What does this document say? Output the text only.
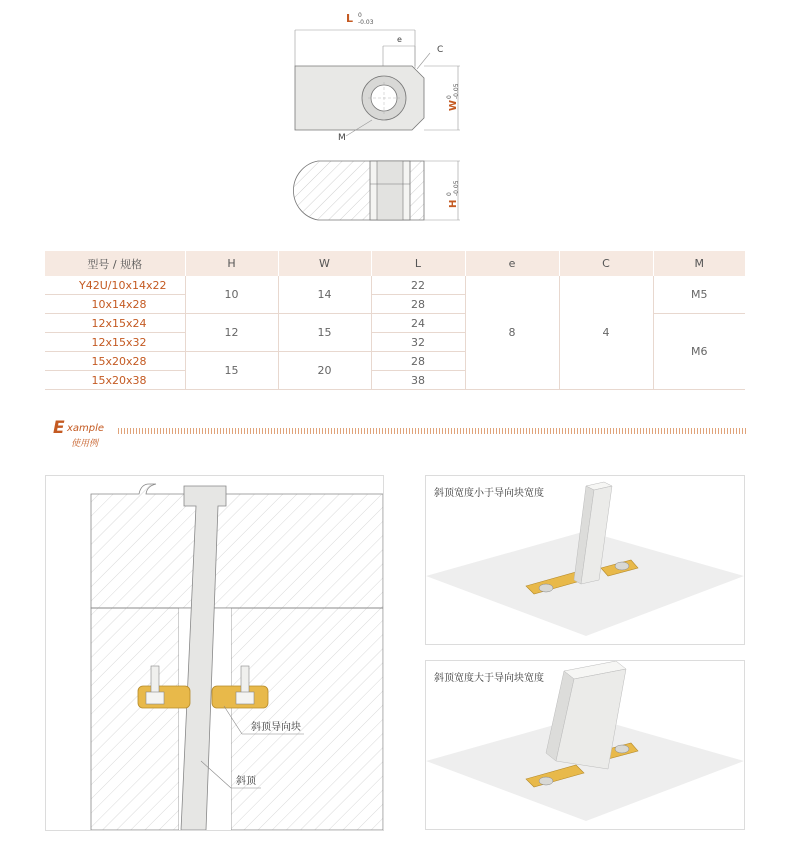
L 0
-0.03
e
C
W
0 -0.05
M
H
0 -0.05
型号 / 规格	H	W	L	e	C	M
Y42U/10x14x22	10	14	22	8	4	M5
10x14x28			28			
12x15x24	12	15	24			M6
12x15x32			32			
15x20x28	15	20	28			
15x20x38			38			
E xample
使用例
斜顶导向块
斜顶
斜顶宽度小于导向块宽度
斜顶宽度大于导向块宽度
